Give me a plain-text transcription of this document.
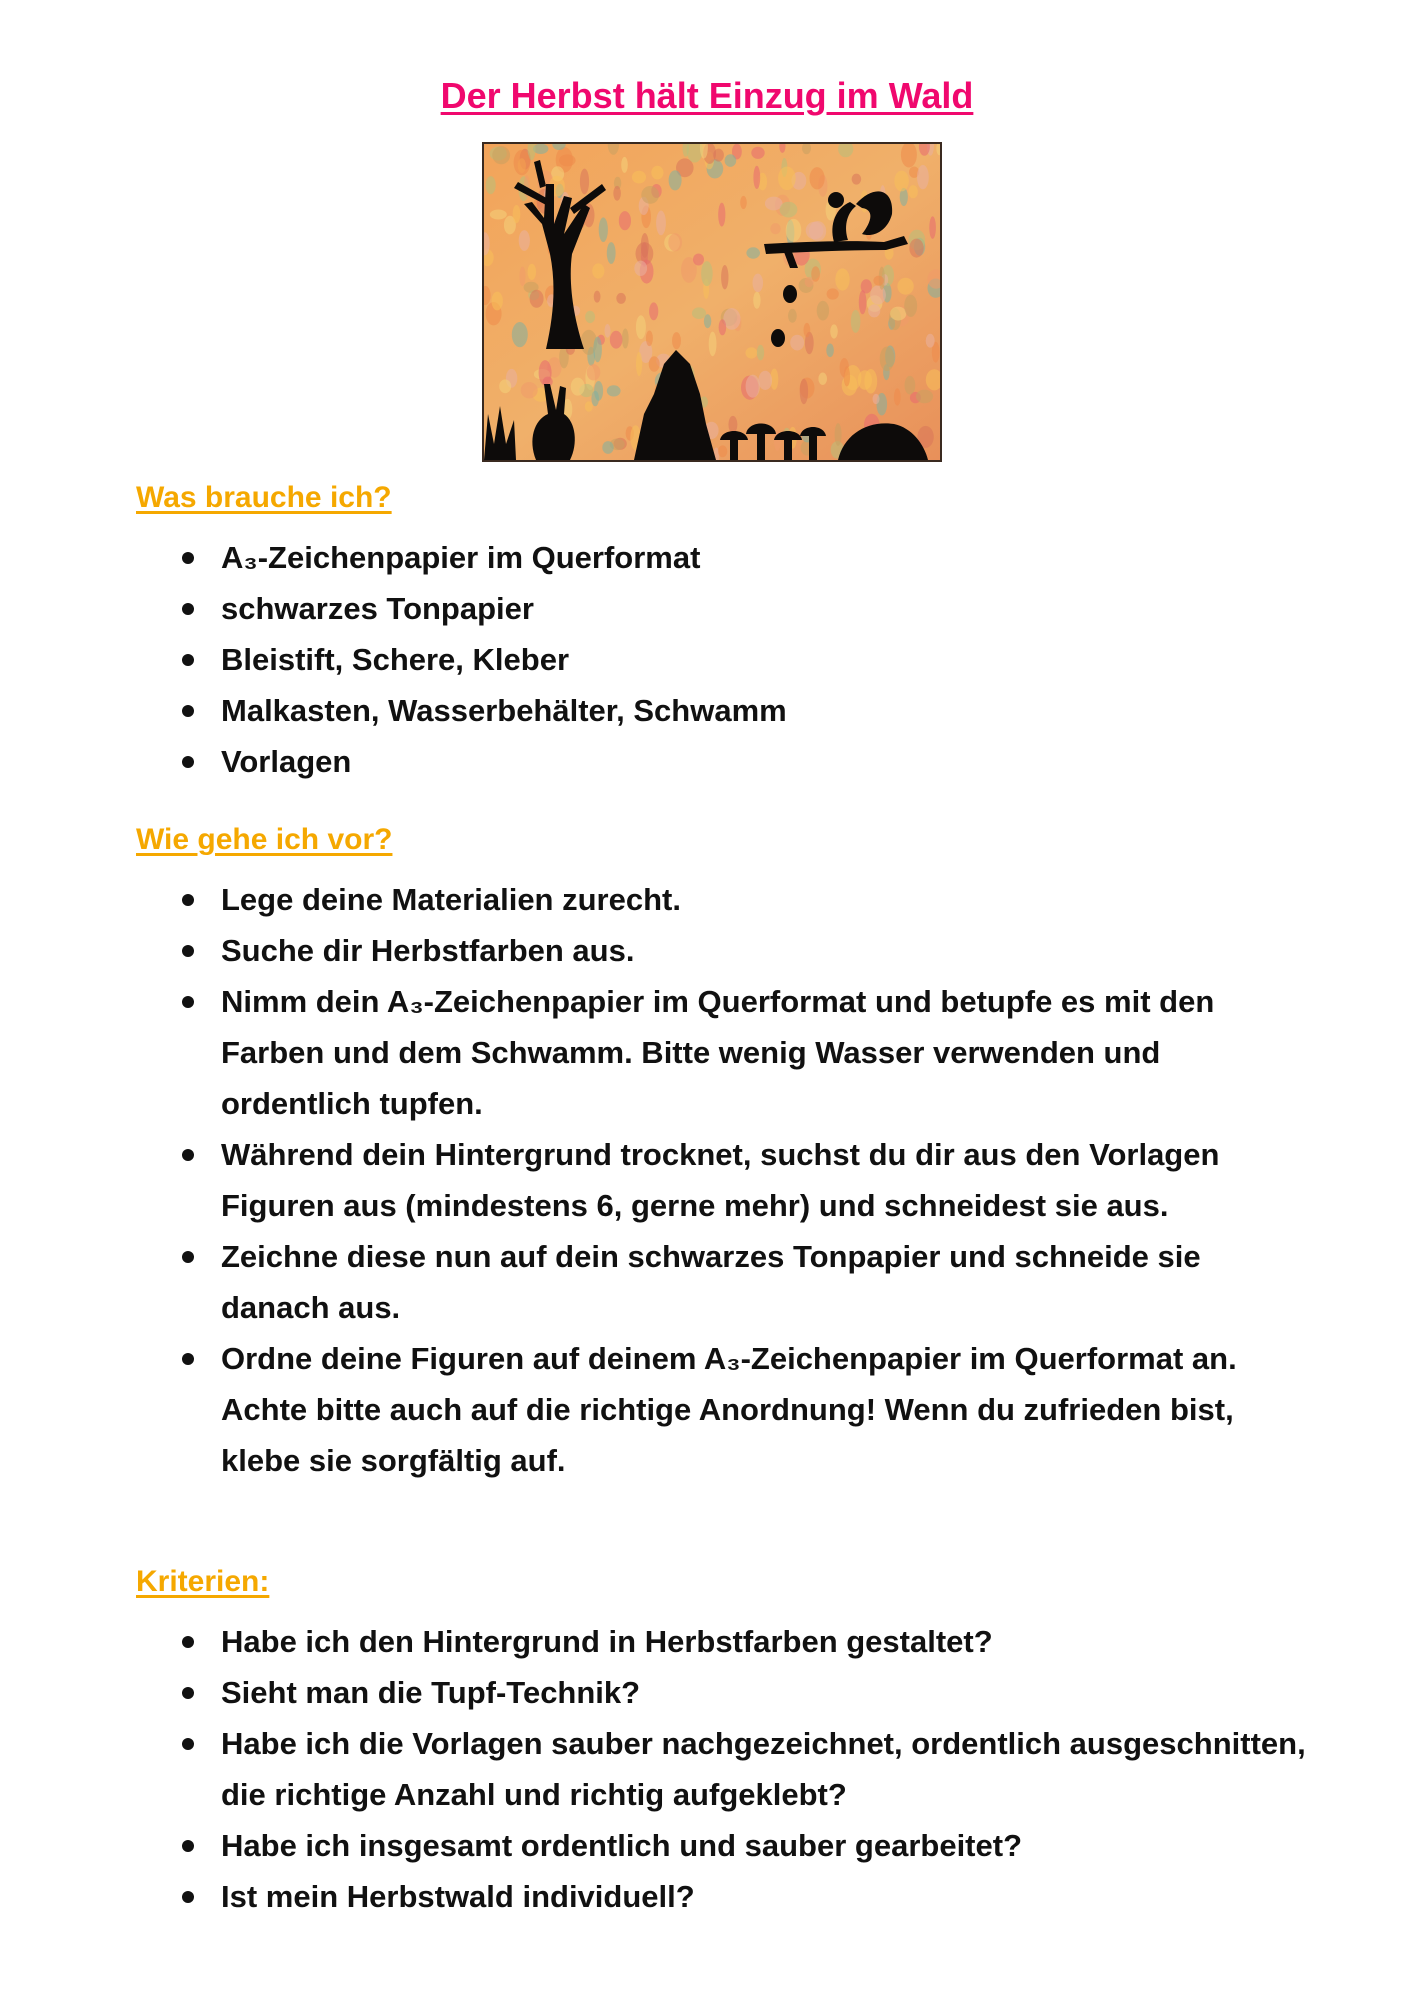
Der Herbst hält Einzug im Wald
Was brauche ich?
A₃-Zeichenpapier im Querformat
schwarzes Tonpapier
Bleistift, Schere, Kleber
Malkasten, Wasserbehälter, Schwamm
Vorlagen
Wie gehe ich vor?
Lege deine Materialien zurecht.
Suche dir Herbstfarben aus.
Nimm dein A₃-Zeichenpapier im Querformat und betupfe es mit den Farben und dem Schwamm. Bitte wenig Wasser verwenden und ordentlich tupfen.
Während dein Hintergrund trocknet, suchst du dir aus den Vorlagen Figuren aus (mindestens 6, gerne mehr) und schneidest sie aus.
Zeichne diese nun auf dein schwarzes Tonpapier und schneide sie danach aus.
Ordne deine Figuren auf deinem A₃-Zeichenpapier im Querformat an. Achte bitte auch auf die richtige Anordnung! Wenn du zufrieden bist, klebe sie sorgfältig auf.
Kriterien:
Habe ich den Hintergrund in Herbstfarben gestaltet?
Sieht man die Tupf-Technik?
Habe ich die Vorlagen sauber nachgezeichnet, ordentlich ausgeschnitten, die richtige Anzahl und richtig aufgeklebt?
Habe ich insgesamt ordentlich und sauber gearbeitet?
Ist mein Herbstwald individuell?
